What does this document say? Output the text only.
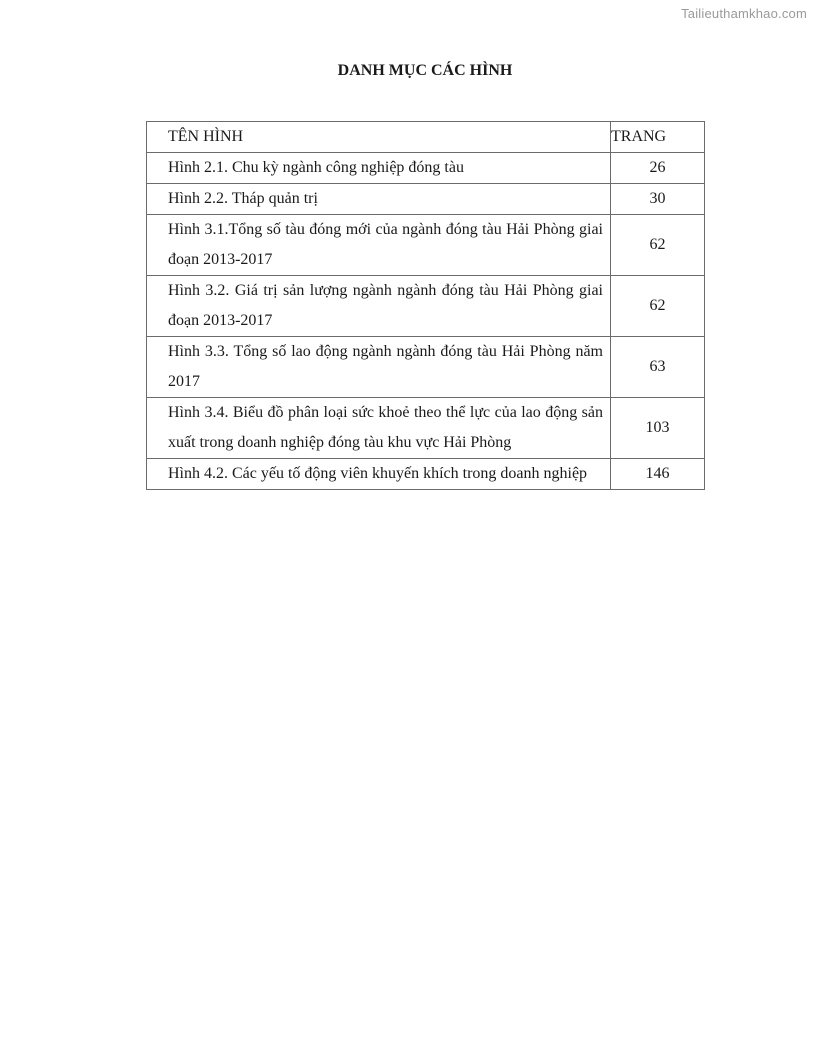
Tailieuthamkhao.com
DANH MỤC CÁC HÌNH
TÊN HÌNH	TRANG
Hình 2.1. Chu kỳ ngành công nghiệp đóng tàu	26
Hình 2.2. Tháp quản trị	30
Hình 3.1.Tổng số tàu đóng mới của ngành đóng tàu Hải Phòng giai đoạn 2013-2017	62
Hình 3.2. Giá trị sản lượng ngành ngành đóng tàu Hải Phòng giai đoạn 2013-2017	62
Hình 3.3. Tổng số lao động ngành ngành đóng tàu Hải Phòng năm 2017	63
Hình 3.4. Biểu đồ phân loại sức khoẻ theo thể lực của lao động sản xuất trong doanh nghiệp đóng tàu khu vực Hải Phòng	103
Hình 4.2. Các yếu tố động viên khuyến khích trong doanh nghiệp	146
